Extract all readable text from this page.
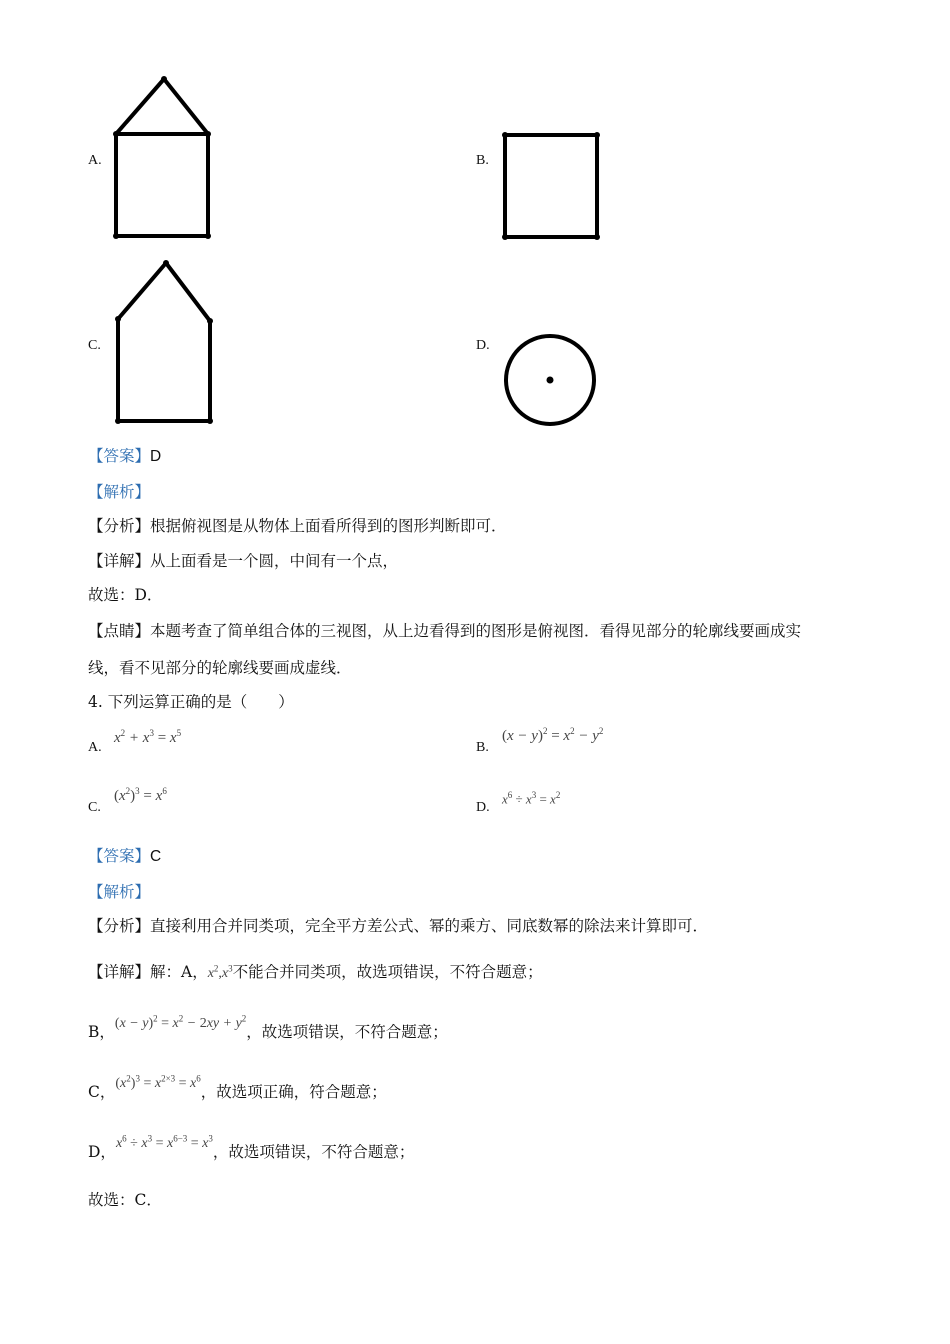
A.	B.
C.	D.
【答案】D
【解析】
【分析】根据俯视图是从物体上面看所得到的图形判断即可．
【详解】从上面看是一个圆，中间有一个点，
故选：D．
【点睛】本题考查了简单组合体的三视图，从上边看得到的图形是俯视图．看得见部分的轮廓线要画成实
线，看不见部分的轮廓线要画成虚线．
4. 下列运算正确的是（　　）
A.
$x^2 + x^3 = x^5$
B.
$(x - y)^2 = x^2 - y^2$
C.
$(x^2)^3 = x^6$
D.
$x^6 \div x^3 = x^2$
【答案】C
【解析】
【分析】直接利用合并同类项，完全平方差公式、幂的乘方、同底数幂的除法来计算即可．
【详解】解：A，$x^2,x^3$不能合并同类项，故选项错误，不符合题意；
B，$(x - y)^2 = x^2 - 2xy + y^2$，故选项错误，不符合题意；
C，$(x^2)^3 = x^{2\times 3} = x^6$，故选项正确，符合题意；
D，$x^6 \div x^3 = x^{6-3} = x^3$，故选项错误，不符合题意；
故选：C．
